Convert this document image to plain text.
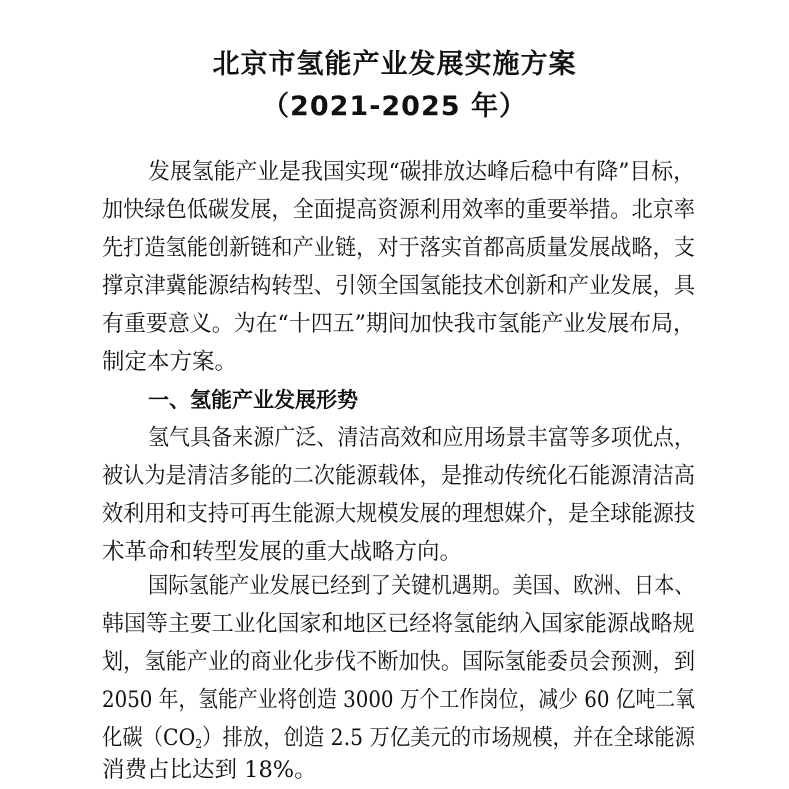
北京市氢能产业发展实施方案
（2021-2025 年）
发展氢能产业是我国实现“碳排放达峰后稳中有降”目标，
加快绿色低碳发展，全面提高资源利用效率的重要举措。北京率
先打造氢能创新链和产业链，对于落实首都高质量发展战略，支
撑京津冀能源结构转型、引领全国氢能技术创新和产业发展，具
有重要意义。为在“十四五”期间加快我市氢能产业发展布局，
制定本方案。
一、氢能产业发展形势
氢气具备来源广泛、清洁高效和应用场景丰富等多项优点，
被认为是清洁多能的二次能源载体，是推动传统化石能源清洁高
效利用和支持可再生能源大规模发展的理想媒介，是全球能源技
术革命和转型发展的重大战略方向。
国际氢能产业发展已经到了关键机遇期。美国、欧洲、日本、
韩国等主要工业化国家和地区已经将氢能纳入国家能源战略规
划，氢能产业的商业化步伐不断加快。国际氢能委员会预测，到
2050 年，氢能产业将创造 3000 万个工作岗位，减少 60 亿吨二氧
化碳$(CO_2)$排放，创造 2.5 万亿美元的市场规模，并在全球能源
消费占比达到 18%。
